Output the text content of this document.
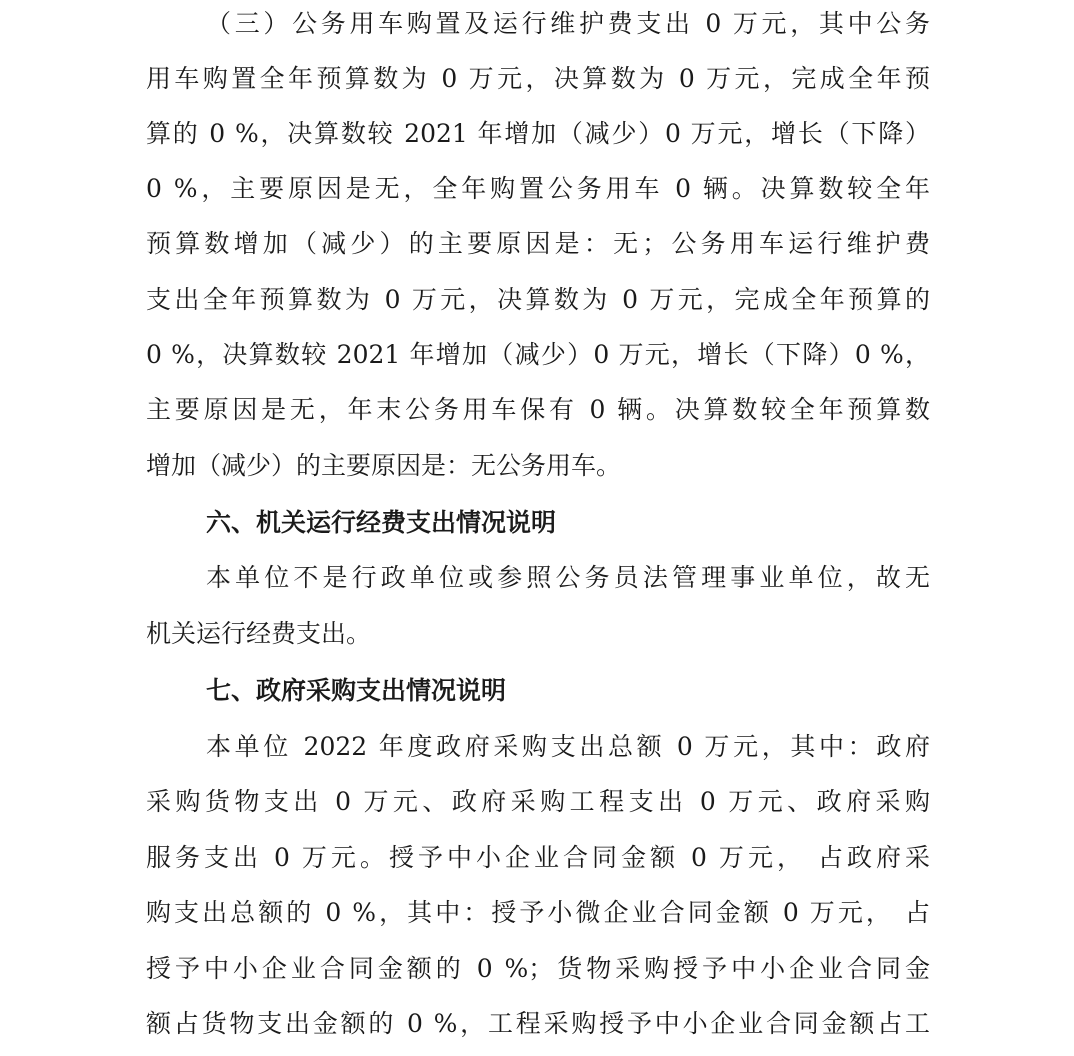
（三）公务用车购置及运行维护费支出 0 万元，其中公务
用车购置全年预算数为 0 万元，决算数为 0 万元，完成全年预
算的 0 %，决算数较 2021 年增加（减少）0 万元，增长（下降）
0 %，主要原因是无，全年购置公务用车 0 辆。决算数较全年
预算数增加（减少）的主要原因是：无；公务用车运行维护费
支出全年预算数为 0 万元，决算数为 0 万元，完成全年预算的
0 %，决算数较 2021 年增加（减少）0 万元，增长（下降）0 %，
主要原因是无，年末公务用车保有 0 辆。决算数较全年预算数
增加（减少）的主要原因是：无公务用车。
六、机关运行经费支出情况说明
本单位不是行政单位或参照公务员法管理事业单位，故无
机关运行经费支出。
七、政府采购支出情况说明
本单位 2022 年度政府采购支出总额 0 万元，其中：政府
采购货物支出 0 万元、政府采购工程支出 0 万元、政府采购
服务支出 0 万元。授予中小企业合同金额 0 万元， 占政府采
购支出总额的 0 %，其中：授予小微企业合同金额 0 万元， 占
授予中小企业合同金额的 0 %；货物采购授予中小企业合同金
额占货物支出金额的 0 %，工程采购授予中小企业合同金额占工
